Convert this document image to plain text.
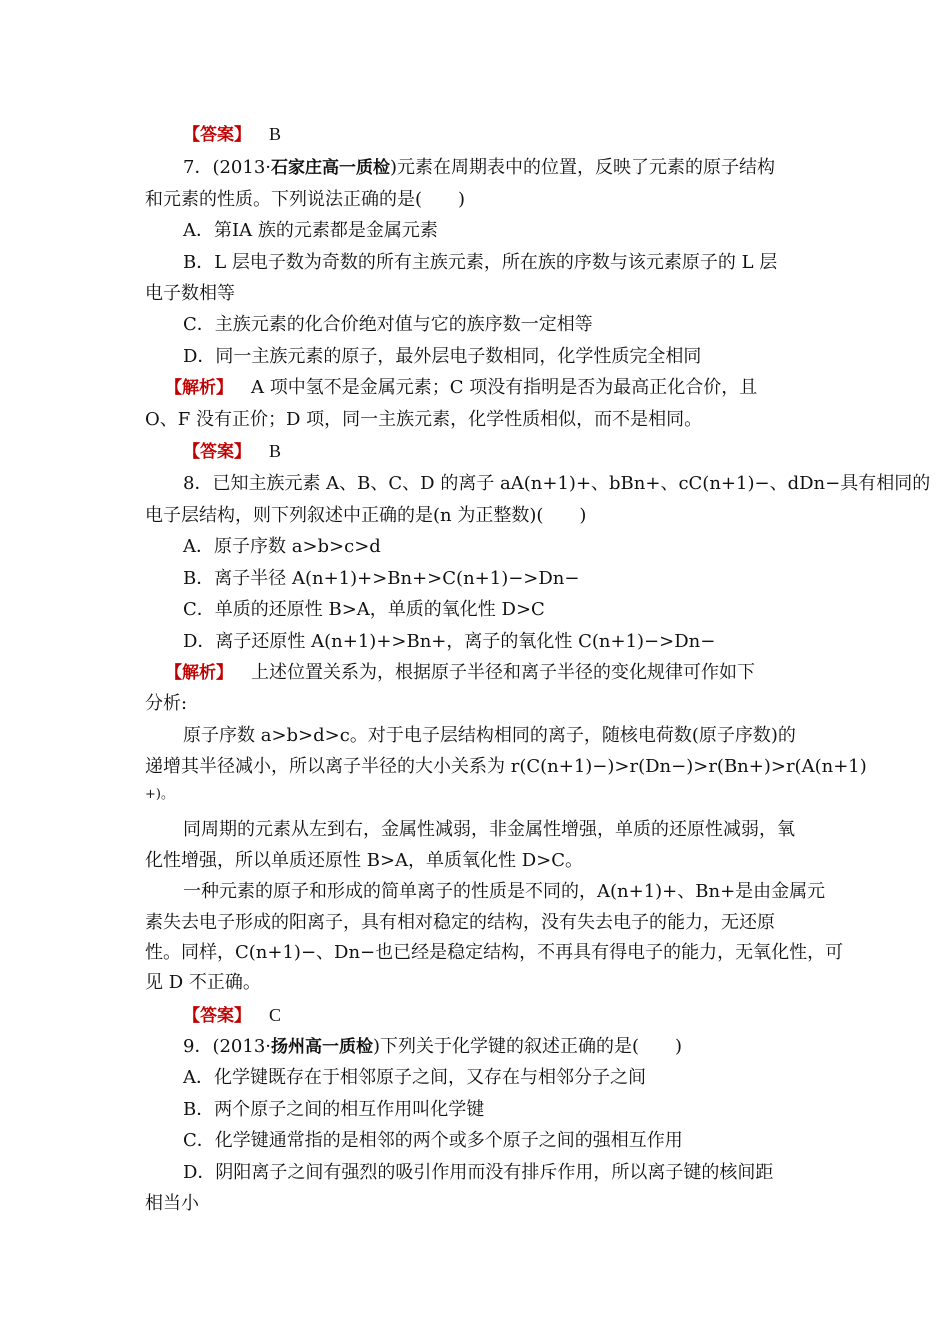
【答案】 B
7．(2013·石家庄高一质检)元素在周期表中的位置，反映了元素的原子结构
和元素的性质。下列说法正确的是(　　)
A．第ⅠA 族的元素都是金属元素
B．L 层电子数为奇数的所有主族元素，所在族的序数与该元素原子的 L 层
电子数相等
C．主族元素的化合价绝对值与它的族序数一定相等
D．同一主族元素的原子，最外层电子数相同，化学性质完全相同
【解析】 A 项中氢不是金属元素；C 项没有指明是否为最高正化合价，且
O、F 没有正价；D 项，同一主族元素，化学性质相似，而不是相同。
【答案】 B
8．已知主族元素 A、B、C、D 的离子 aA(n+1)+、bBn+、cC(n+1)−、dDn−具有相同的
电子层结构，则下列叙述中正确的是(n 为正整数)(　　)
A．原子序数 a>b>c>d
B．离子半径 A(n+1)+>Bn+>C(n+1)−>Dn−
C．单质的还原性 B>A，单质的氧化性 D>C
D．离子还原性 A(n+1)+>Bn+，离子的氧化性 C(n+1)−>Dn−
【解析】 上述位置关系为，根据原子半径和离子半径的变化规律可作如下
分析:
原子序数 a>b>d>c。对于电子层结构相同的离子，随核电荷数(原子序数)的
递增其半径减小，所以离子半径的大小关系为 r(C(n+1)−)>r(Dn−)>r(Bn+)>r(A(n+1)
+)。
同周期的元素从左到右，金属性减弱，非金属性增强，单质的还原性减弱，氧
化性增强，所以单质还原性 B>A，单质氧化性 D>C。
一种元素的原子和形成的简单离子的性质是不同的，A(n+1)+、Bn+是由金属元
素失去电子形成的阳离子，具有相对稳定的结构，没有失去电子的能力，无还原
性。同样，C(n+1)−、Dn−也已经是稳定结构，不再具有得电子的能力，无氧化性，可
见 D 不正确。
【答案】 C
9．(2013·扬州高一质检)下列关于化学键的叙述正确的是(　　)
A．化学键既存在于相邻原子之间，又存在与相邻分子之间
B．两个原子之间的相互作用叫化学键
C．化学键通常指的是相邻的两个或多个原子之间的强相互作用
D．阴阳离子之间有强烈的吸引作用而没有排斥作用，所以离子键的核间距
相当小
